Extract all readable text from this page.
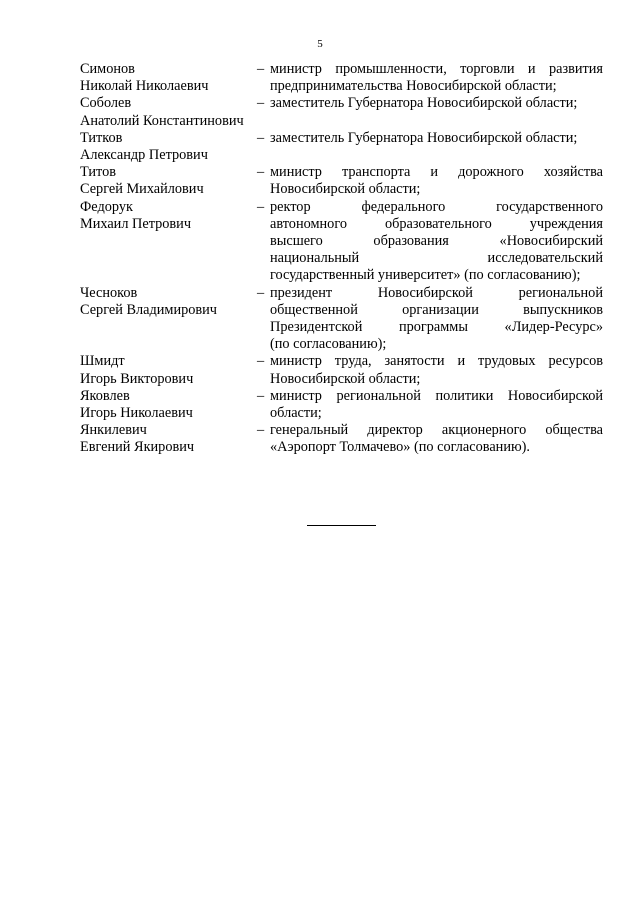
5
Симонов
Николай Николаевич
– министр промышленности, торговли и развития

предпринимательства Новосибирской области;

Соболев
Анатолий Константинович
– заместитель Губернатора Новосибирской области;

Титков
Александр Петрович
– заместитель Губернатора Новосибирской области;

Титов
Сергей Михайлович
– министр транспорта и дорожного хозяйства

Новосибирской области;

Федорук
Михаил Петрович
– ректор федерального государственного

автономного образовательного учреждения

высшего образования «Новосибирский

национальный исследовательский

государственный университет» (по согласованию);

Чесноков
Сергей Владимирович
– президент Новосибирской региональной

общественной организации выпускников

Президентской программы «Лидер-Ресурс»

(по согласованию);

Шмидт
Игорь Викторович
– министр труда, занятости и трудовых ресурсов

Новосибирской области;

Яковлев
Игорь Николаевич
– министр региональной политики Новосибирской

области;

Янкилевич
Евгений Якирович
– генеральный директор акционерного общества

«Аэропорт Толмачево» (по согласованию).
